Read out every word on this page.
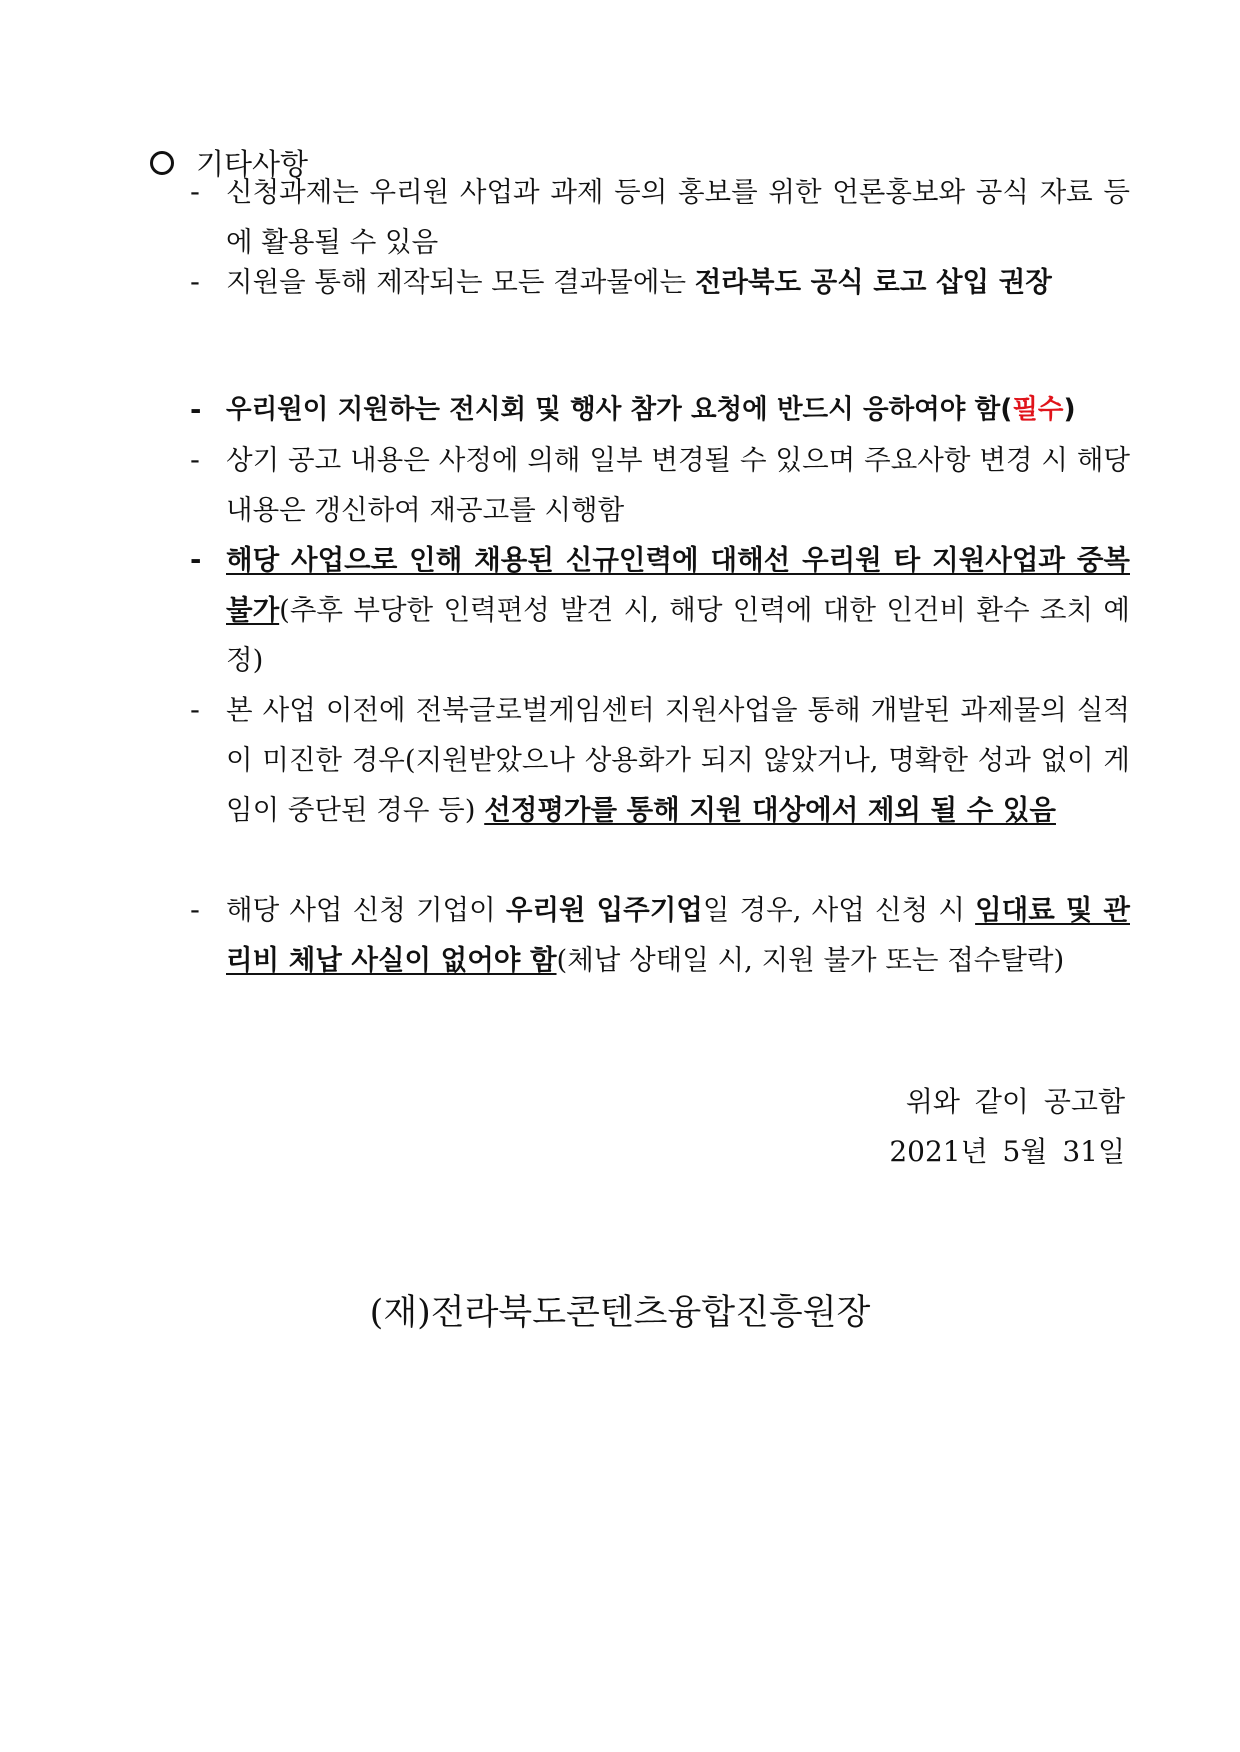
기타사항
- 신청과제는 우리원 사업과 과제 등의 홍보를 위한 언론홍보와 공식 자료 등에 활용될 수 있음
- 지원을 통해 제작되는 모든 결과물에는 전라북도 공식 로고 삽입 권장
- 우리원이 지원하는 전시회 및 행사 참가 요청에 반드시 응하여야 함(필수)
- 상기 공고 내용은 사정에 의해 일부 변경될 수 있으며 주요사항 변경 시 해당내용은 갱신하여 재공고를 시행함
- 해당 사업으로 인해 채용된 신규인력에 대해선 우리원 타 지원사업과 중복 불가(추후 부당한 인력편성 발견 시, 해당 인력에 대한 인건비 환수 조치 예정)
- 본 사업 이전에 전북글로벌게임센터 지원사업을 통해 개발된 과제물의 실적이 미진한 경우(지원받았으나 상용화가 되지 않았거나, 명확한 성과 없이 게임이 중단된 경우 등) 선정평가를 통해 지원 대상에서 제외 될 수 있음
- 해당 사업 신청 기업이 우리원 입주기업일 경우, 사업 신청 시 임대료 및 관리비 체납 사실이 없어야 함(체납 상태일 시, 지원 불가 또는 접수탈락)
위와 같이 공고함
2021년 5월 31일
(재)전라북도콘텐츠융합진흥원장
